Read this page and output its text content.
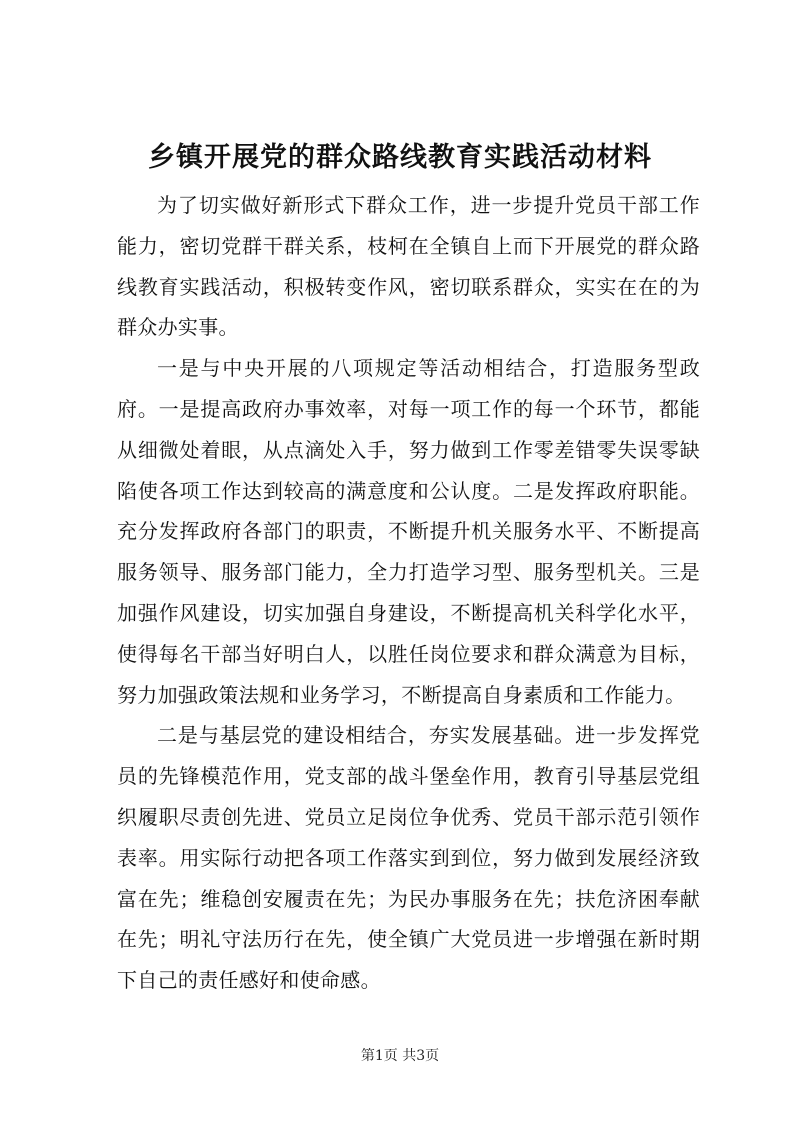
乡镇开展党的群众路线教育实践活动材料

为了切实做好新形式下群众工作，进一步提升党员干部工作能力，密切党群干群关系，枝柯在全镇自上而下开展党的群众路线教育实践活动，积极转变作风，密切联系群众，实实在在的为群众办实事。

一是与中央开展的八项规定等活动相结合，打造服务型政府。一是提高政府办事效率，对每一项工作的每一个环节，都能从细微处着眼，从点滴处入手，努力做到工作零差错零失误零缺陷使各项工作达到较高的满意度和公认度。二是发挥政府职能。充分发挥政府各部门的职责，不断提升机关服务水平、不断提高服务领导、服务部门能力，全力打造学习型、服务型机关。三是加强作风建设，切实加强自身建设，不断提高机关科学化水平，使得每名干部当好明白人，以胜任岗位要求和群众满意为目标，努力加强政策法规和业务学习，不断提高自身素质和工作能力。

二是与基层党的建设相结合，夯实发展基础。进一步发挥党员的先锋模范作用，党支部的战斗堡垒作用，教育引导基层党组织履职尽责创先进、党员立足岗位争优秀、党员干部示范引领作表率。用实际行动把各项工作落实到到位，努力做到发展经济致富在先；维稳创安履责在先；为民办事服务在先；扶危济困奉献在先；明礼守法历行在先，使全镇广大党员进一步增强在新时期下自己的责任感好和使命感。

第1页 共3页
